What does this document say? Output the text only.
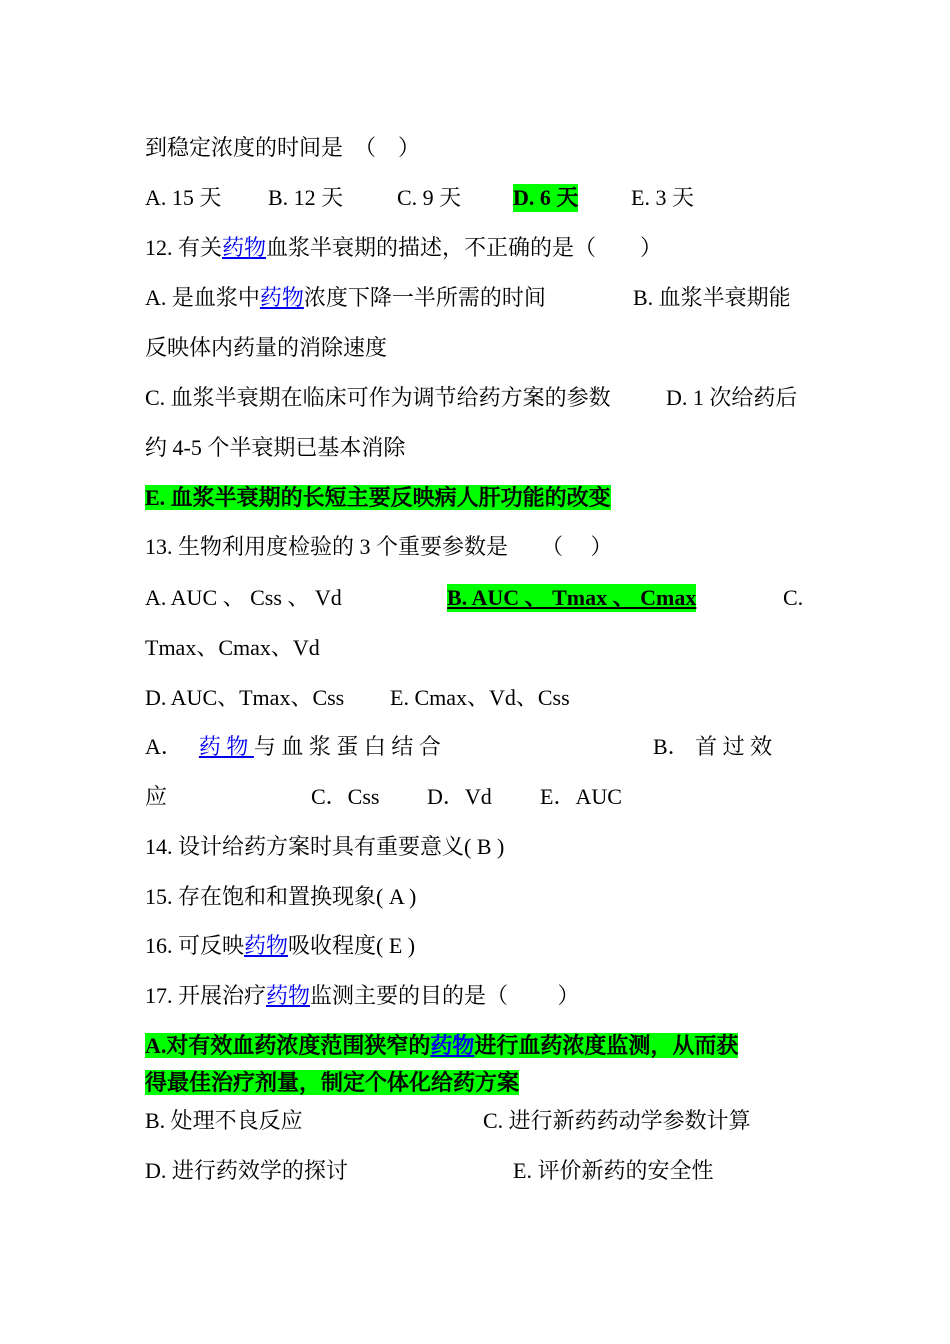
到稳定浓度的时间是　（　）
A. 15 天 B. 12 天 C. 9 天 D. 6 天 E. 3 天
12. 有关药物血浆半衰期的描述，不正确的是（　　）
A. 是血浆中药物浓度下降一半所需的时间	B. 血浆半衰期能
反映体内药量的消除速度
C. 血浆半衰期在临床可作为调节给药方案的参数	D. 1 次给药后
约 4-5 个半衰期已基本消除
E. 血浆半衰期的长短主要反映病人肝功能的改变
13. 生物利用度检验的 3 个重要参数是　　（　 ）
A. AUC 、 Css 、 Vd	B. AUC 、 Tmax 、 Cmax	C.
Tmax、Cmax、Vd
D. AUC、Tmax、Css E. Cmax、Vd、Css
A． 药 物 与 血 浆 蛋 白 结 合	B． 首 过 效
应	C．Css D．Vd E．AUC
14. 设计给药方案时具有重要意义( B )
15. 存在饱和和置换现象( A )
16. 可反映药物吸收程度( E )
17. 开展治疗药物监测主要的目的是（　　 ）
A.对有效血药浓度范围狭窄的药物进行血药浓度监测，从而获
得最佳治疗剂量，制定个体化给药方案
B. 处理不良反应	C. 进行新药药动学参数计算
D. 进行药效学的探讨	E. 评价新药的安全性
